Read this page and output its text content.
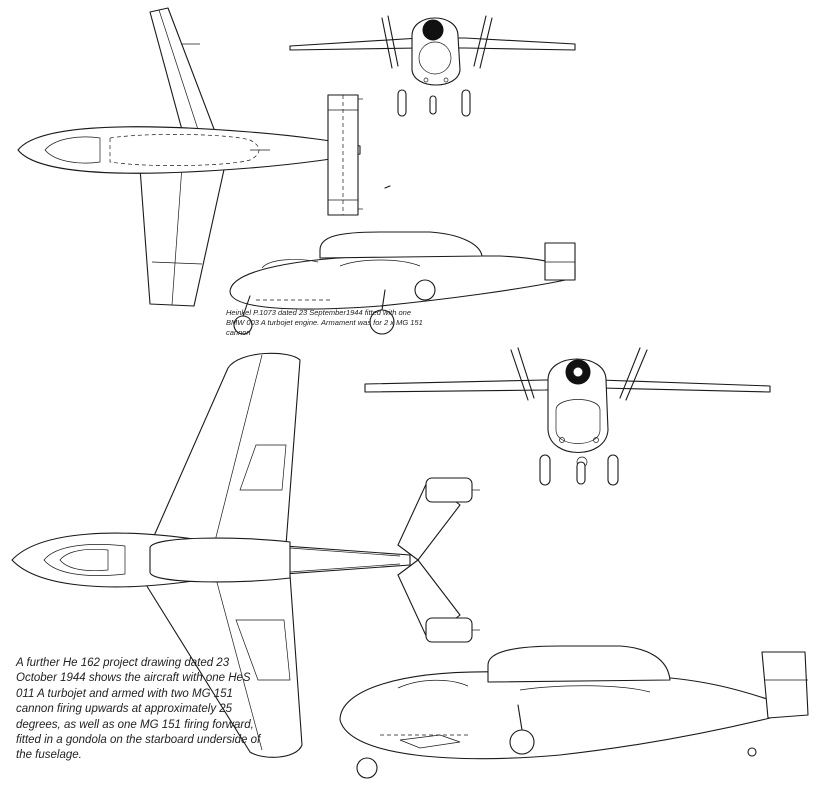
Heinkel P.1073 dated 23 September1944 fitted with one BMW 003 A turbojet engine. Armament was for 2 x MG 151 cannon

A further He 162 project drawing dated 23 October 1944 shows the aircraft with one HeS 011 A turbojet and armed with two MG 151 cannon firing upwards at approximately 25 degrees, as well as one MG 151 firing forward, fitted in a gondola on the starboard underside of the fuselage.
